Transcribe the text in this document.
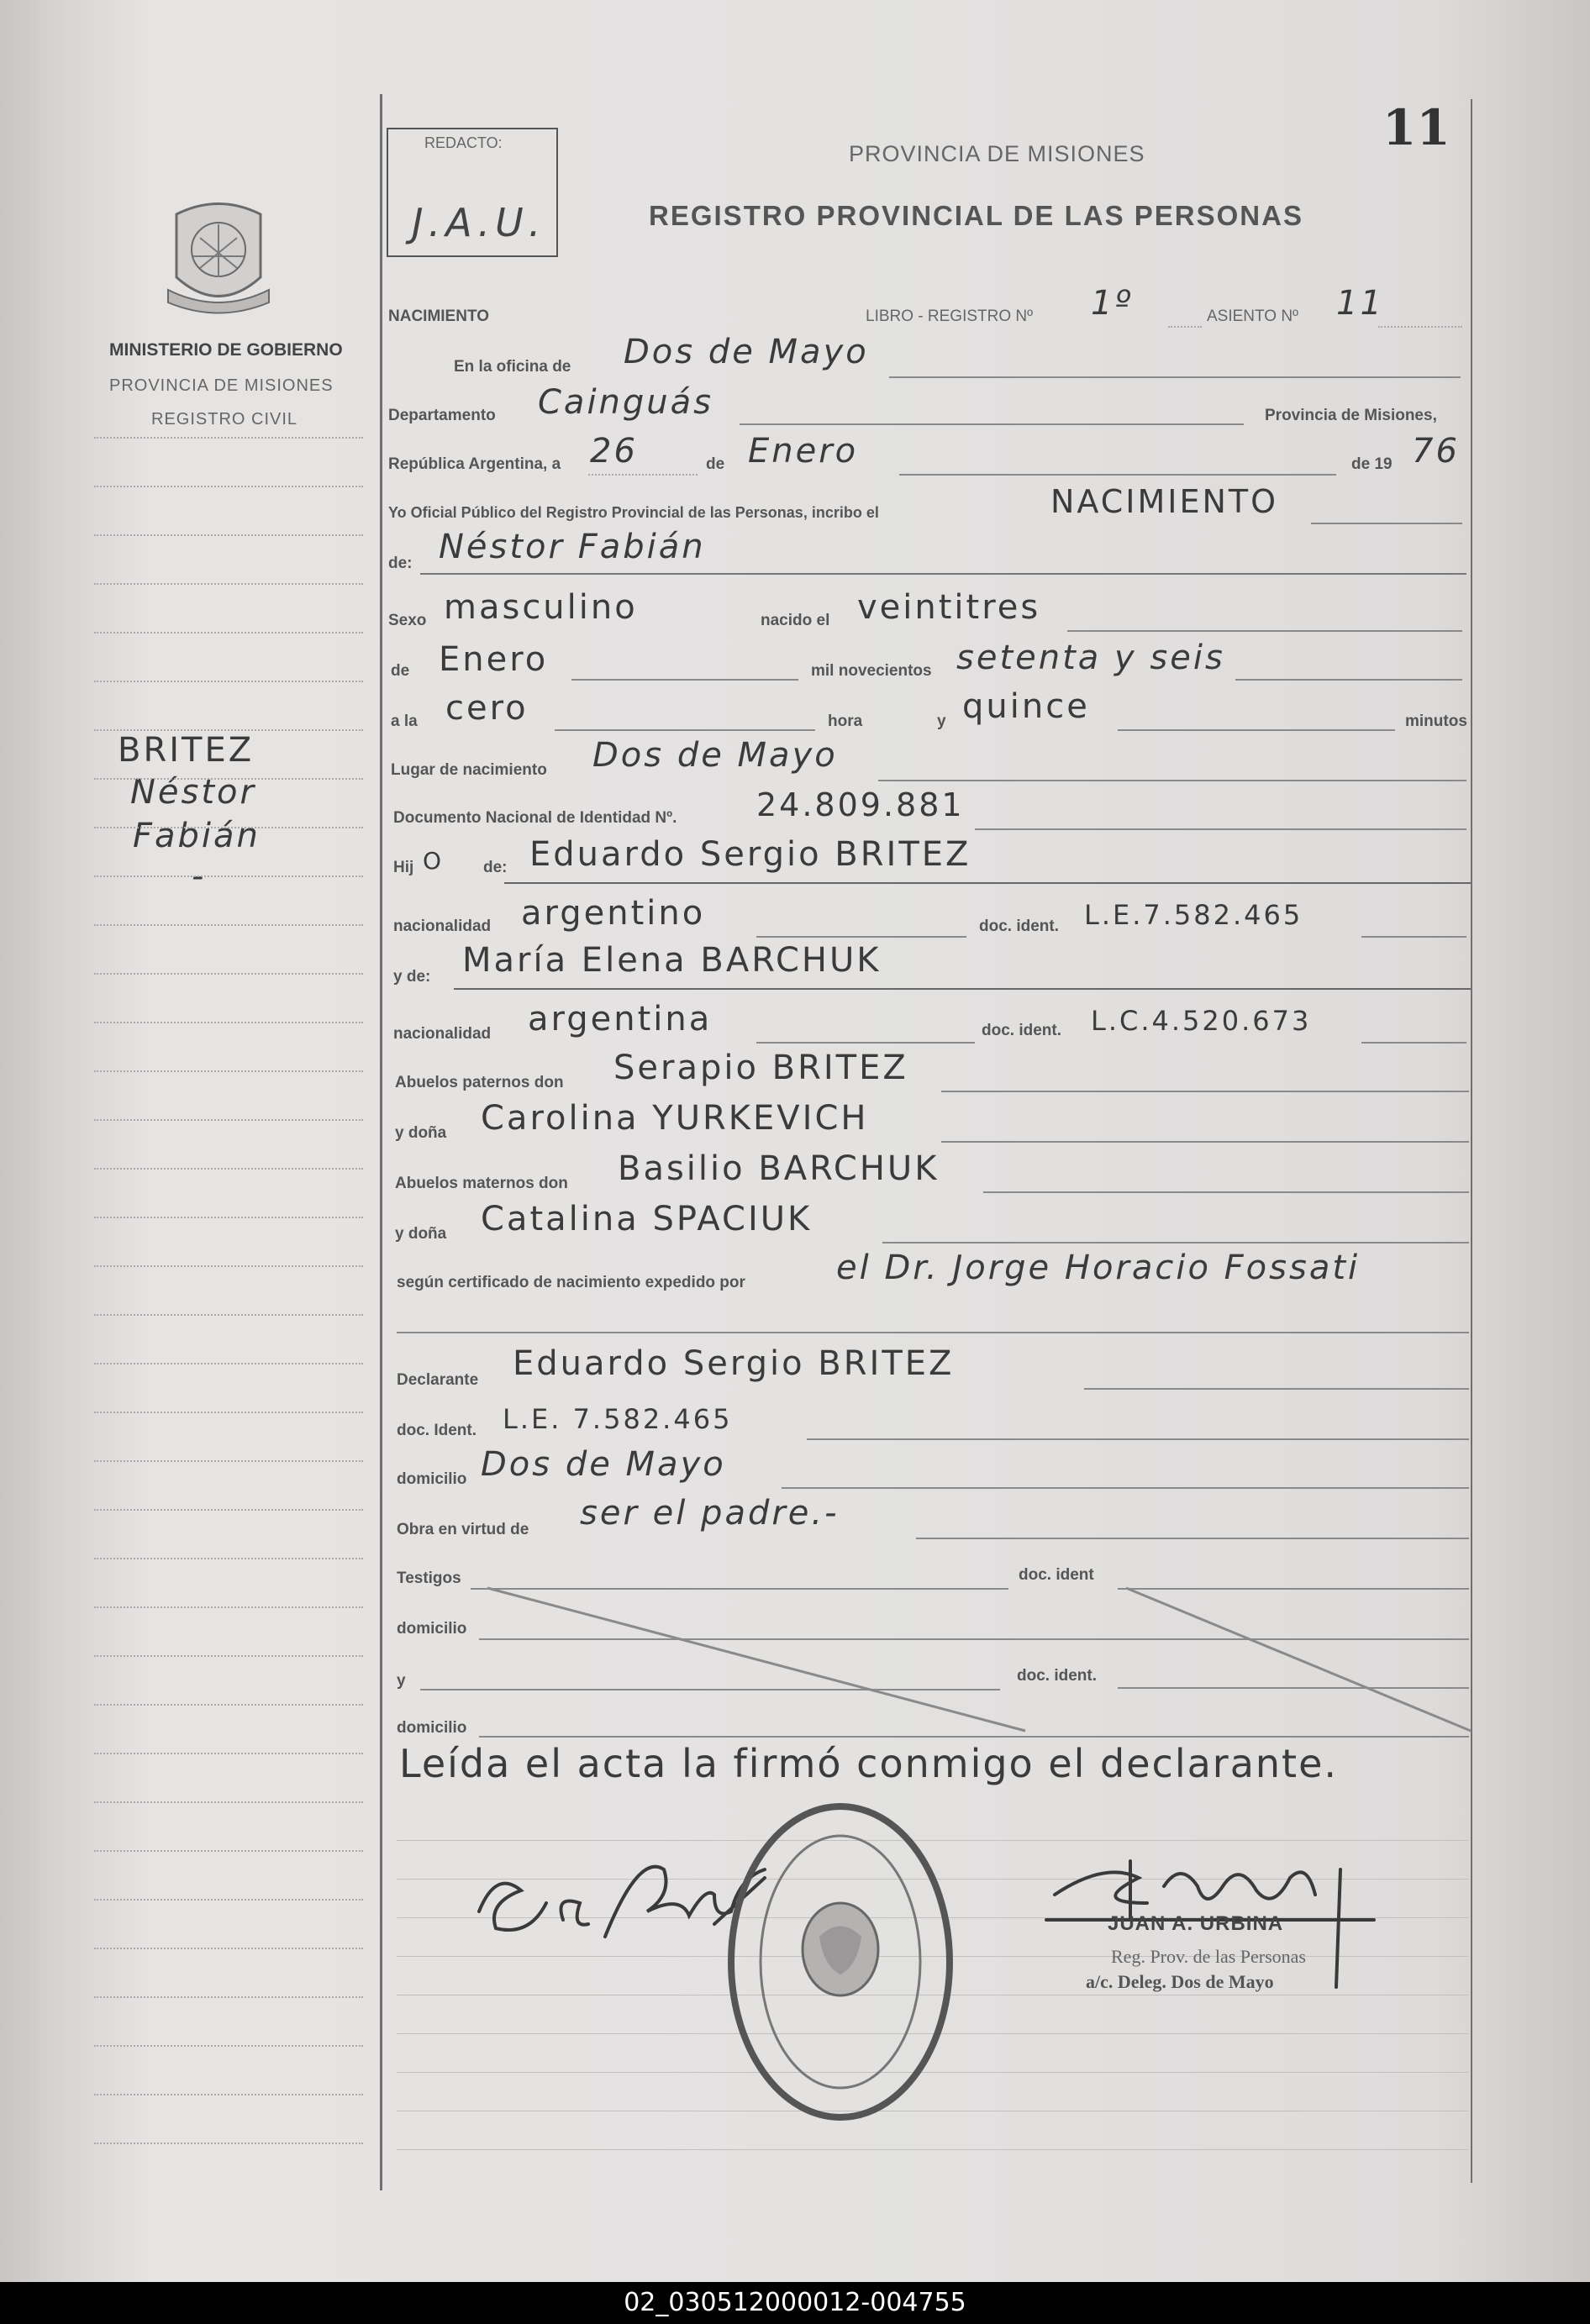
11
REDACTO:
J.A.U.
PROVINCIA DE MISIONES
REGISTRO PROVINCIAL DE LAS PERSONAS
MINISTERIO DE GOBIERNO
PROVINCIA DE MISIONES
REGISTRO CIVIL
BRITEZ
Néstor
Fabián
-
NACIMIENTO	LIBRO - REGISTRO Nº 1º	ASIENTO Nº 11
En la oficina de Dos de Mayo
Departamento Cainguás	Provincia de Misiones,
República Argentina, a 26	de Enero	de 19 76
Yo Oficial Público del Registro Provincial de las Personas, incribo el	NACIMIENTO
de: Néstor Fabián
Sexo masculino	nacido el veintitres
de Enero	mil novecientos setenta y seis
a la cero	hora	y quince	minutos
Lugar de nacimiento Dos de Mayo
Documento Nacional de Identidad Nº. 24.809.881
Hij O de: Eduardo Sergio BRITEZ
nacionalidad argentino	doc. ident. L.E.7.582.465
y de: María Elena BARCHUK
nacionalidad argentina	doc. ident. L.C.4.520.673
Abuelos paternos don Serapio BRITEZ
y doña Carolina YURKEVICH
Abuelos maternos don Basilio BARCHUK
y doña Catalina SPACIUK
según certificado de nacimiento expedido por	el Dr. Jorge Horacio Fossati
Declarante Eduardo Sergio BRITEZ
doc. Ident. L.E. 7.582.465
domicilio Dos de Mayo
Obra en virtud de ser el padre.-
Testigos	doc. ident
domicilio
y	doc. ident.
domicilio
Leída el acta la firmó conmigo el declarante.
JUAN A. URBINA
Reg. Prov. de las Personas
a/c. Deleg. Dos de Mayo
02_030512000012-004755
